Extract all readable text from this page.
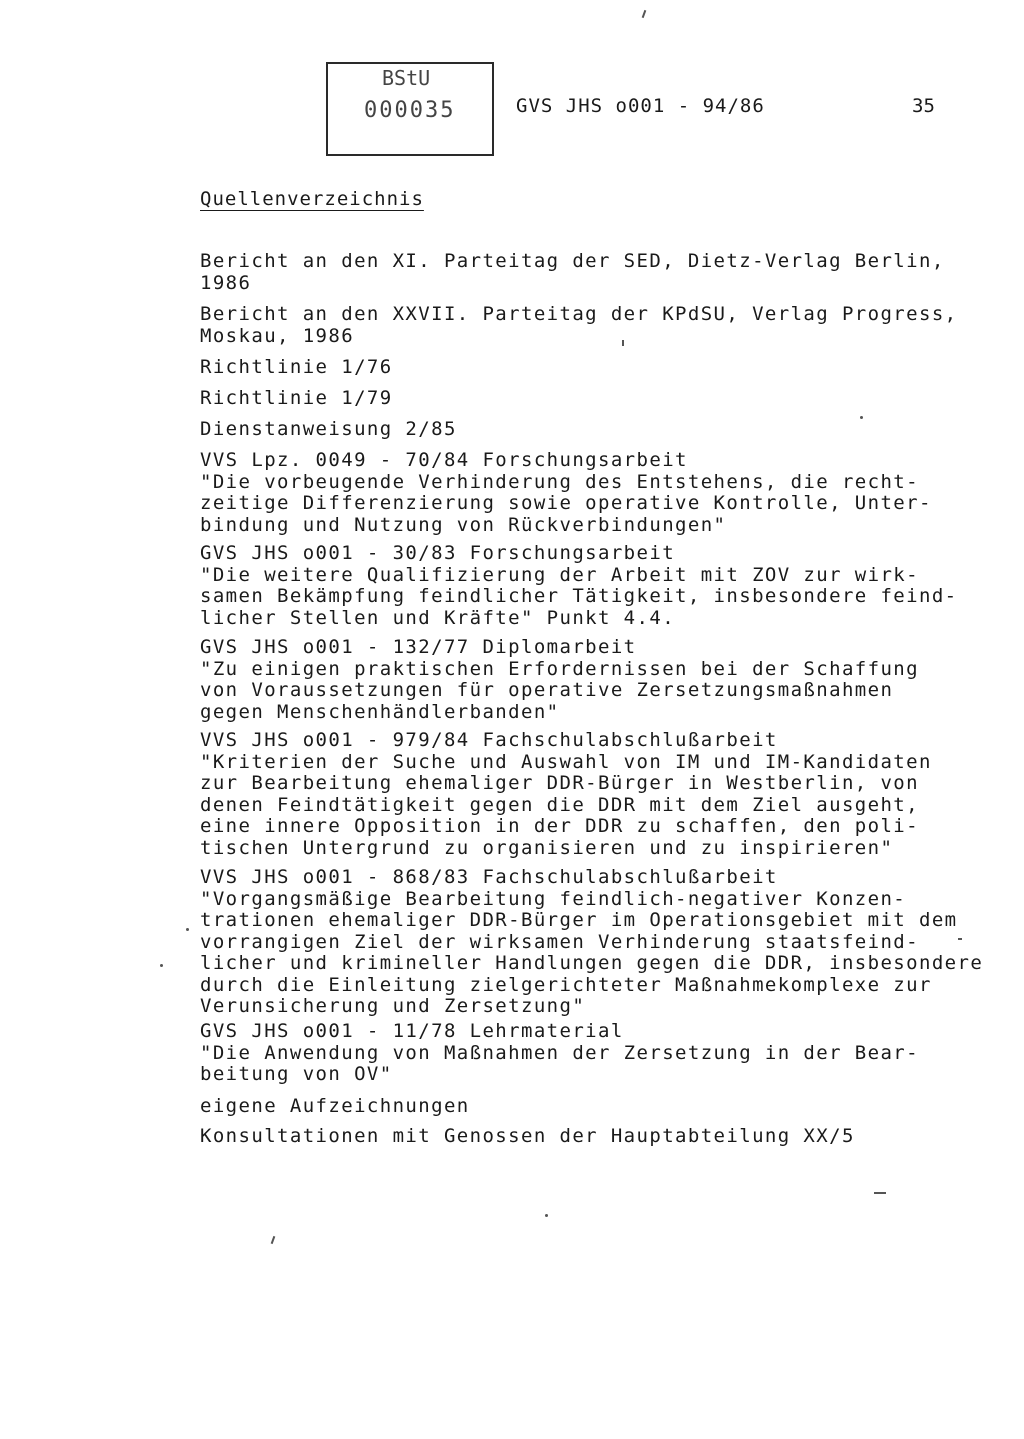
BStU
000035	GVS JHS o001 - 94/86	35
Quellenverzeichnis
Bericht an den XI. Parteitag der SED, Dietz-Verlag Berlin,
1986
Bericht an den XXVII. Parteitag der KPdSU, Verlag Progress,
Moskau, 1986
Richtlinie 1/76
Richtlinie 1/79
Dienstanweisung 2/85
VVS Lpz. 0049 - 70/84 Forschungsarbeit
"Die vorbeugende Verhinderung des Entstehens, die recht-
zeitige Differenzierung sowie operative Kontrolle, Unter-
bindung und Nutzung von Rückverbindungen"
GVS JHS o001 - 30/83 Forschungsarbeit
"Die weitere Qualifizierung der Arbeit mit ZOV zur wirk-
samen Bekämpfung feindlicher Tätigkeit, insbesondere feind-
licher Stellen und Kräfte" Punkt 4.4.
GVS JHS o001 - 132/77 Diplomarbeit
"Zu einigen praktischen Erfordernissen bei der Schaffung
von Voraussetzungen für operative Zersetzungsmaßnahmen
gegen Menschenhändlerbanden"
VVS JHS o001 - 979/84 Fachschulabschlußarbeit
"Kriterien der Suche und Auswahl von IM und IM-Kandidaten
zur Bearbeitung ehemaliger DDR-Bürger in Westberlin, von
denen Feindtätigkeit gegen die DDR mit dem Ziel ausgeht,
eine innere Opposition in der DDR zu schaffen, den poli-
tischen Untergrund zu organisieren und zu inspirieren"
VVS JHS o001 - 868/83 Fachschulabschlußarbeit
"Vorgangsmäßige Bearbeitung feindlich-negativer Konzen-
trationen ehemaliger DDR-Bürger im Operationsgebiet mit dem
vorrangigen Ziel der wirksamen Verhinderung staatsfeind-
licher und krimineller Handlungen gegen die DDR, insbesondere
durch die Einleitung zielgerichteter Maßnahmekomplexe zur
Verunsicherung und Zersetzung"
GVS JHS o001 - 11/78 Lehrmaterial
"Die Anwendung von Maßnahmen der Zersetzung in der Bear-
beitung von OV"
eigene Aufzeichnungen
Konsultationen mit Genossen der Hauptabteilung XX/5
